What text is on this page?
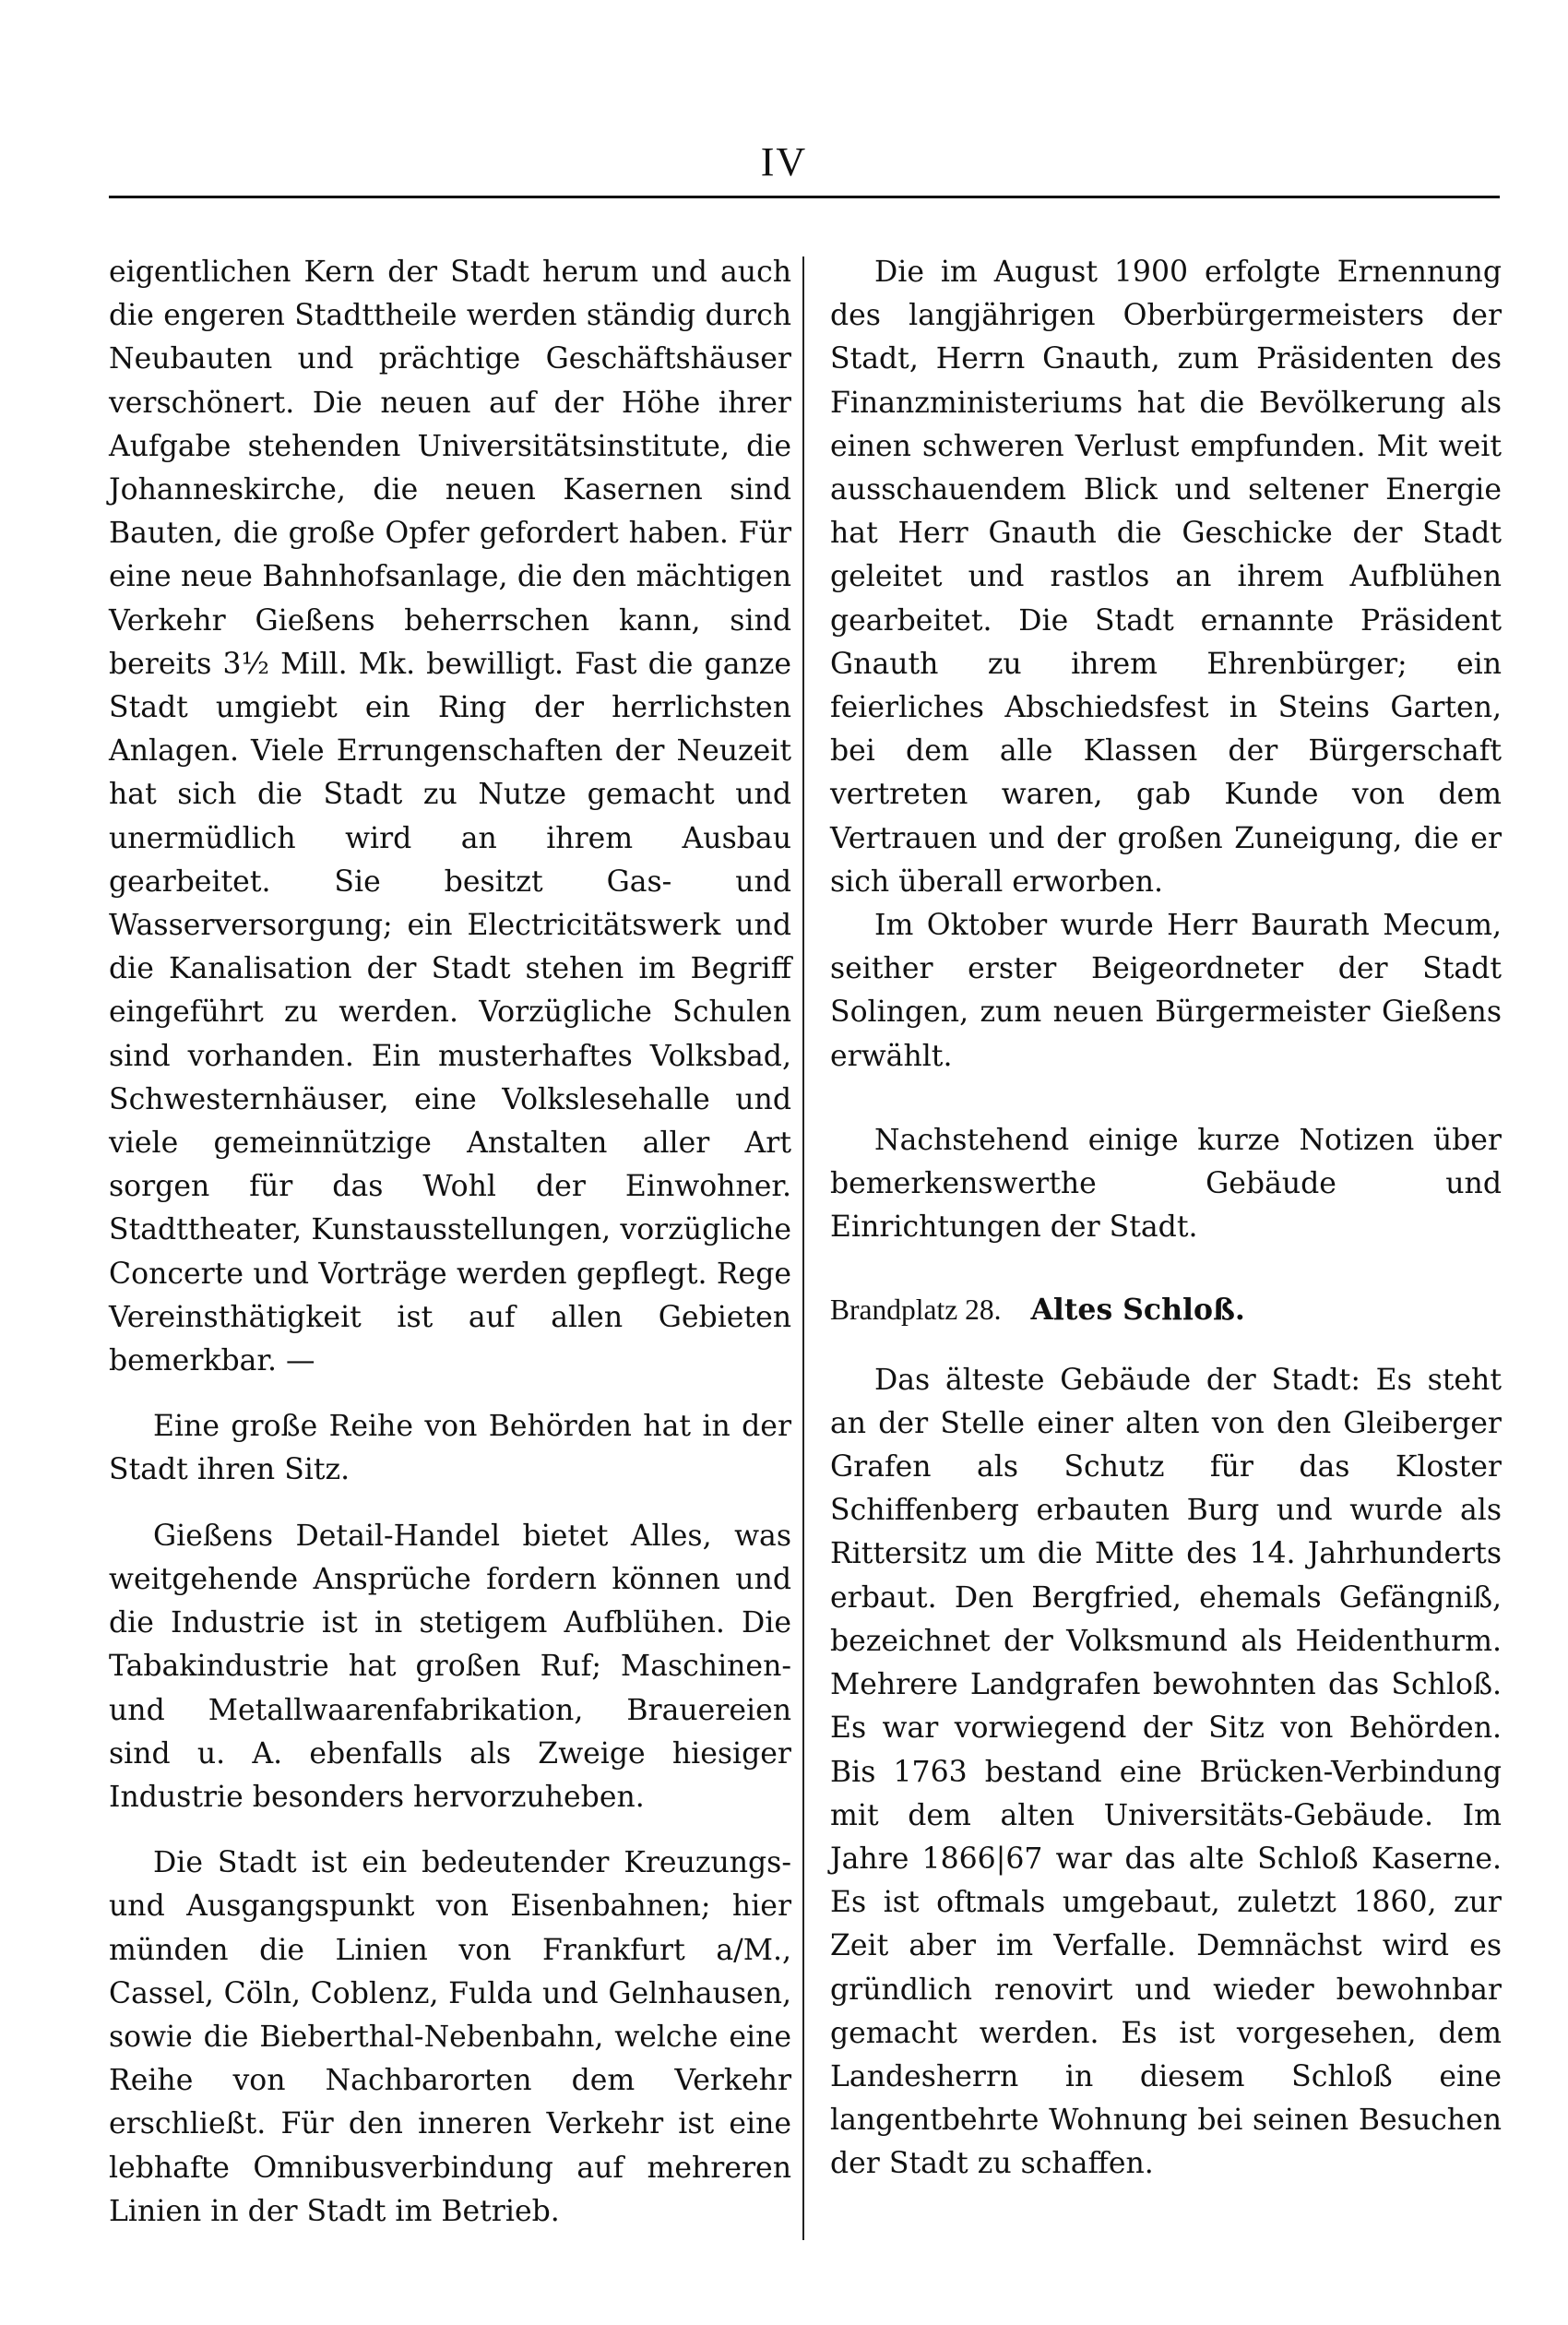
IV

eigentlichen Kern der Stadt herum und auch die engeren Stadttheile werden ständig durch Neubauten und prächtige Geschäftshäuser verschönert. Die neuen auf der Höhe ihrer Aufgabe stehenden Universitätsinstitute, die Johanneskirche, die neuen Kasernen sind Bauten, die große Opfer gefordert haben. Für eine neue Bahnhofsanlage, die den mächtigen Verkehr Gießens beherrschen kann, sind bereits 3½ Mill. Mk. bewilligt. Fast die ganze Stadt umgiebt ein Ring der herrlichsten Anlagen. Viele Errungenschaften der Neuzeit hat sich die Stadt zu Nutze gemacht und unermüdlich wird an ihrem Ausbau gearbeitet. Sie besitzt Gas- und Wasserversorgung; ein Electricitätswerk und die Kanalisation der Stadt stehen im Begriff eingeführt zu werden. Vorzügliche Schulen sind vorhanden. Ein musterhaftes Volksbad, Schwesternhäuser, eine Volkslesehalle und viele gemeinnützige Anstalten aller Art sorgen für das Wohl der Einwohner. Stadttheater, Kunstausstellungen, vorzügliche Concerte und Vorträge werden gepflegt. Rege Vereinsthätigkeit ist auf allen Gebieten bemerkbar. —

Eine große Reihe von Behörden hat in der Stadt ihren Sitz.

Gießens Detail-Handel bietet Alles, was weitgehende Ansprüche fordern können und die Industrie ist in stetigem Aufblühen. Die Tabakindustrie hat großen Ruf; Maschinen- und Metallwaarenfabrikation, Brauereien sind u. A. ebenfalls als Zweige hiesiger Industrie besonders hervorzuheben.

Die Stadt ist ein bedeutender Kreuzungs- und Ausgangspunkt von Eisenbahnen; hier münden die Linien von Frankfurt a/M., Cassel, Cöln, Coblenz, Fulda und Gelnhausen, sowie die Bieberthal-Nebenbahn, welche eine Reihe von Nachbarorten dem Verkehr erschließt. Für den inneren Verkehr ist eine lebhafte Omnibusverbindung auf mehreren Linien in der Stadt im Betrieb.

Die im August 1900 erfolgte Ernennung des langjährigen Oberbürgermeisters der Stadt, Herrn Gnauth, zum Präsidenten des Finanzministeriums hat die Bevölkerung als einen schweren Verlust empfunden. Mit weit ausschauendem Blick und seltener Energie hat Herr Gnauth die Geschicke der Stadt geleitet und rastlos an ihrem Aufblühen gearbeitet. Die Stadt ernannte Präsident Gnauth zu ihrem Ehrenbürger; ein feierliches Abschiedsfest in Steins Garten, bei dem alle Klassen der Bürgerschaft vertreten waren, gab Kunde von dem Vertrauen und der großen Zuneigung, die er sich überall erworben.

Im Oktober wurde Herr Baurath Mecum, seither erster Beigeordneter der Stadt Solingen, zum neuen Bürgermeister Gießens erwählt.

Nachstehend einige kurze Notizen über bemerkenswerthe Gebäude und Einrichtungen der Stadt.

Brandplatz 28. Altes Schloß.

Das älteste Gebäude der Stadt: Es steht an der Stelle einer alten von den Gleiberger Grafen als Schutz für das Kloster Schiffenberg erbauten Burg und wurde als Rittersitz um die Mitte des 14. Jahrhunderts erbaut. Den Bergfried, ehemals Gefängniß, bezeichnet der Volksmund als Heidenthurm. Mehrere Landgrafen bewohnten das Schloß. Es war vorwiegend der Sitz von Behörden. Bis 1763 bestand eine Brücken-Verbindung mit dem alten Universitäts-Gebäude. Im Jahre 1866|67 war das alte Schloß Kaserne. Es ist oftmals umgebaut, zuletzt 1860, zur Zeit aber im Verfalle. Demnächst wird es gründlich renovirt und wieder bewohnbar gemacht werden. Es ist vorgesehen, dem Landesherrn in diesem Schloß eine langentbehrte Wohnung bei seinen Besuchen der Stadt zu schaffen.
